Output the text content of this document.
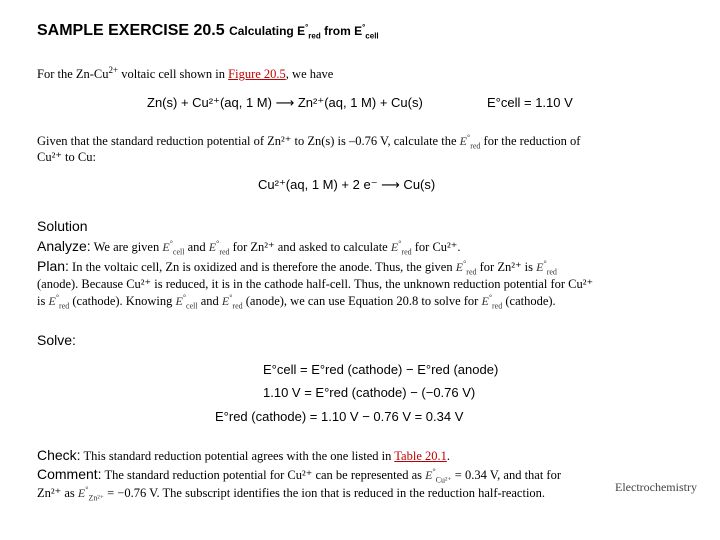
SAMPLE EXERCISE 20.5 Calculating $E^\circ_{red}$ from $E^\circ_{cell}$
For the $Zn-Cu^{2+}$ voltaic cell shown in Figure 20.5, we have
Zn(s) + Cu²⁺(aq, 1 M) ⟶ Zn²⁺(aq, 1 M) + Cu(s)	E°cell = 1.10 V
Given that the standard reduction potential of Zn²⁺ to Zn(s) is –0.76 V, calculate the $E^\circ_{red}$ for the reduction of
Cu²⁺ to Cu:
Cu²⁺(aq, 1 M) + 2 e⁻ ⟶ Cu(s)
Solution
Analyze: We are given $E^\circ_{cell}$ and $E^\circ_{red}$ for Zn²⁺ and asked to calculate $E^\circ_{red}$ for Cu²⁺.
Plan: In the voltaic cell, Zn is oxidized and is therefore the anode. Thus, the given $E^\circ_{red}$ for Zn²⁺ is $E^\circ_{red}$
(anode). Because Cu²⁺ is reduced, it is in the cathode half-cell. Thus, the unknown reduction potential for Cu²⁺
is $E^\circ_{red}$ (cathode). Knowing $E^\circ_{cell}$ and $E^\circ_{red}$ (anode), we can use Equation 20.8 to solve for $E^\circ_{red}$ (cathode).
Solve:
E°cell = E°red (cathode) − E°red (anode)
1.10 V = E°red (cathode) − (−0.76 V)
E°red (cathode) = 1.10 V − 0.76 V = 0.34 V
Check: This standard reduction potential agrees with the one listed in Table 20.1.
Comment: The standard reduction potential for Cu²⁺ can be represented as $E^\circ_{Cu^{2+}} = 0.34$ V, and that for
Zn²⁺ as $E^\circ_{Zn^{2+}} = -0.76$ V. The subscript identifies the ion that is reduced in the reduction half-reaction.	Electrochemistry
